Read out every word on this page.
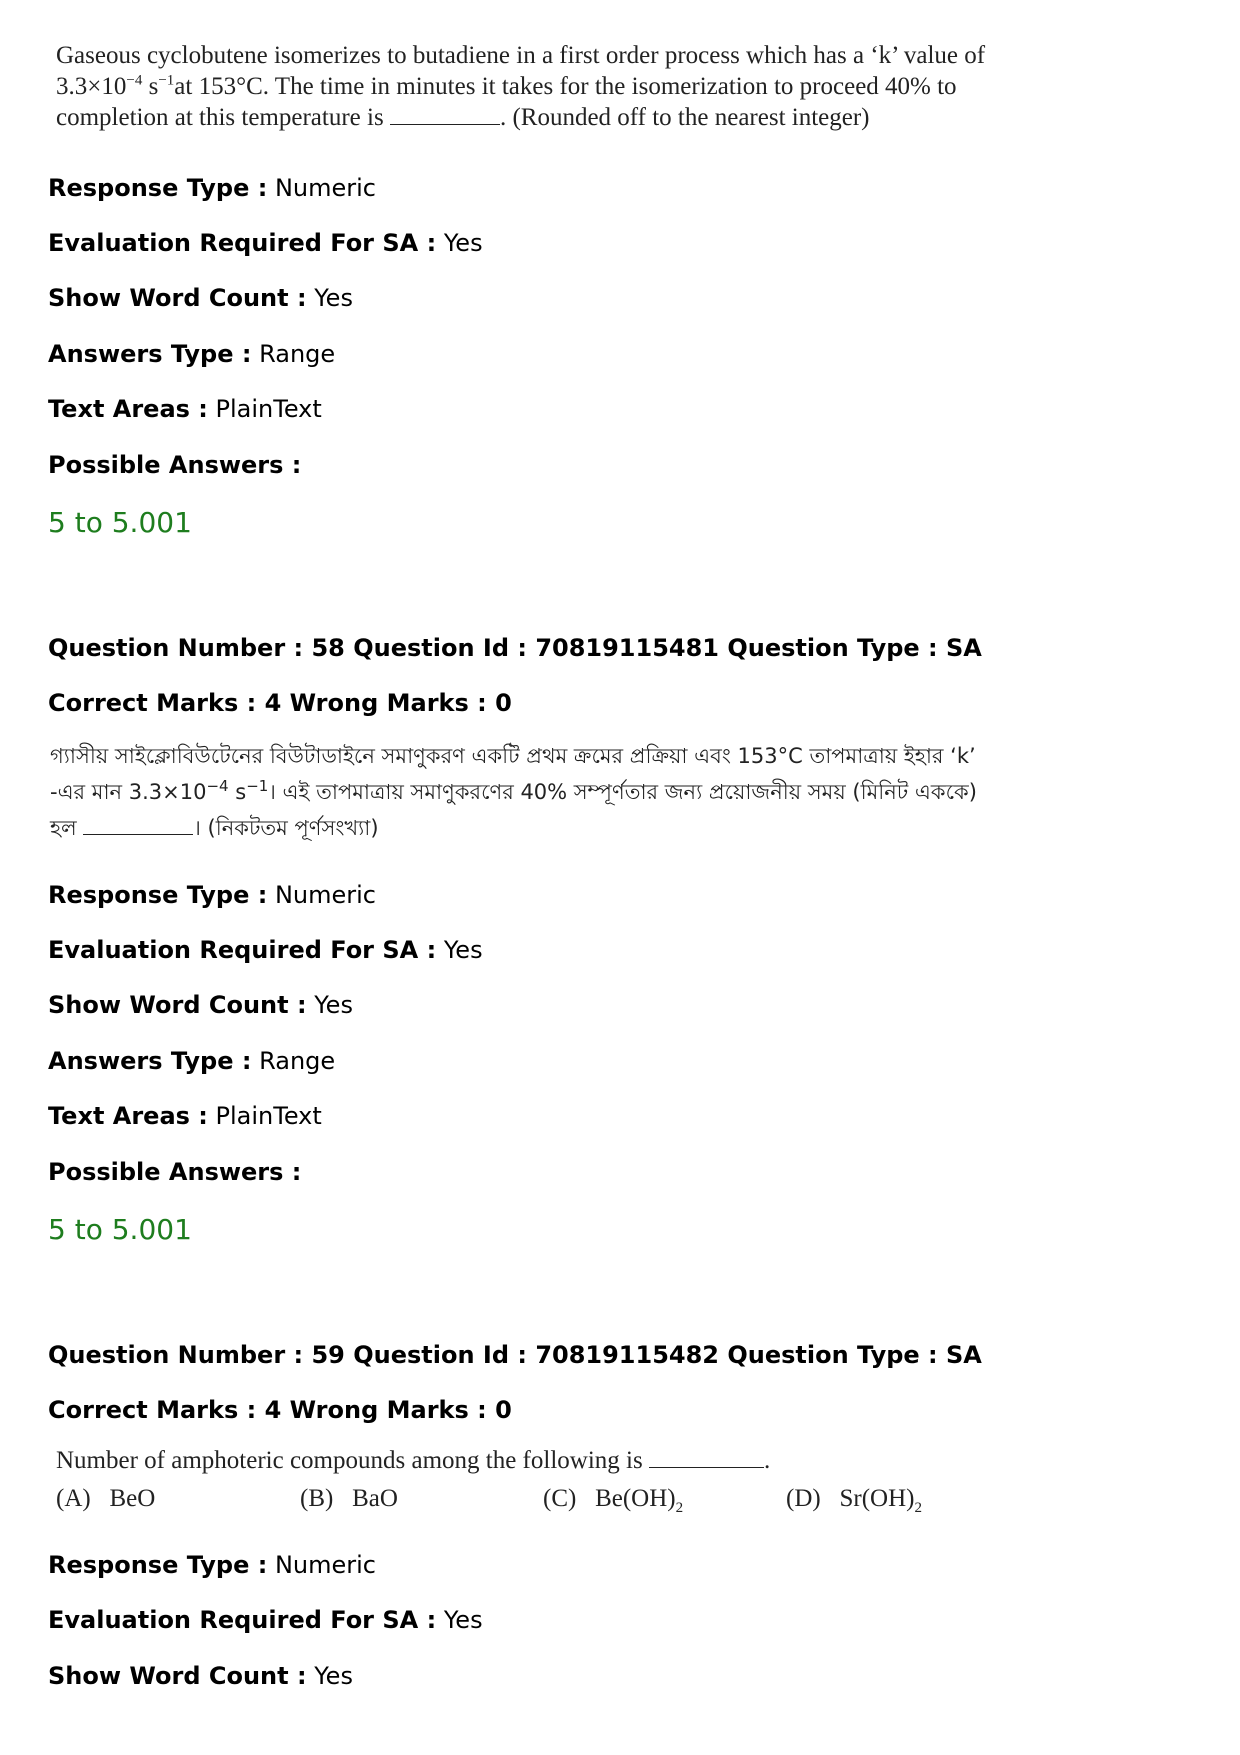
Gaseous cyclobutene isomerizes to butadiene in a first order process which has a ‘k’ value of
$3.3\times 10^{-4}$ $s^{-1}at$ 153°C. The time in minutes it takes for the isomerization to proceed 40% to
completion at this temperature is	. (Rounded off to the nearest integer)
Response Type : Numeric
Evaluation Required For SA : Yes
Show Word Count : Yes
Answers Type : Range
Text Areas : PlainText
Possible Answers :
5 to 5.001
Question Number : 58 Question Id : 70819115481 Question Type : SA
Correct Marks : 4 Wrong Marks : 0
গ্যাসীয় সাইক্লোবিউটেনের বিউটাডাইনে সমাণুকরণ একটি প্রথম ক্রমের প্রক্রিয়া এবং 153°C তাপমাত্রায় ইহার ‘k’
-এর মান $3.3\times 10^{-4}$ $s^{-1}।$ এই তাপমাত্রায় সমাণুকরণের 40% সম্পূর্ণতার জন্য প্রয়োজনীয় সময় (মিনিট এককে)
হল	। (নিকটতম পূর্ণসংখ্যা)
Response Type : Numeric
Evaluation Required For SA : Yes
Show Word Count : Yes
Answers Type : Range
Text Areas : PlainText
Possible Answers :
5 to 5.001
Question Number : 59 Question Id : 70819115482 Question Type : SA
Correct Marks : 4 Wrong Marks : 0
Number of amphoteric compounds among the following is	.
(A) BeO	(B) BaO	(C) $Be(OH)_2$	(D) $Sr(OH)_2$
Response Type : Numeric
Evaluation Required For SA : Yes
Show Word Count : Yes
